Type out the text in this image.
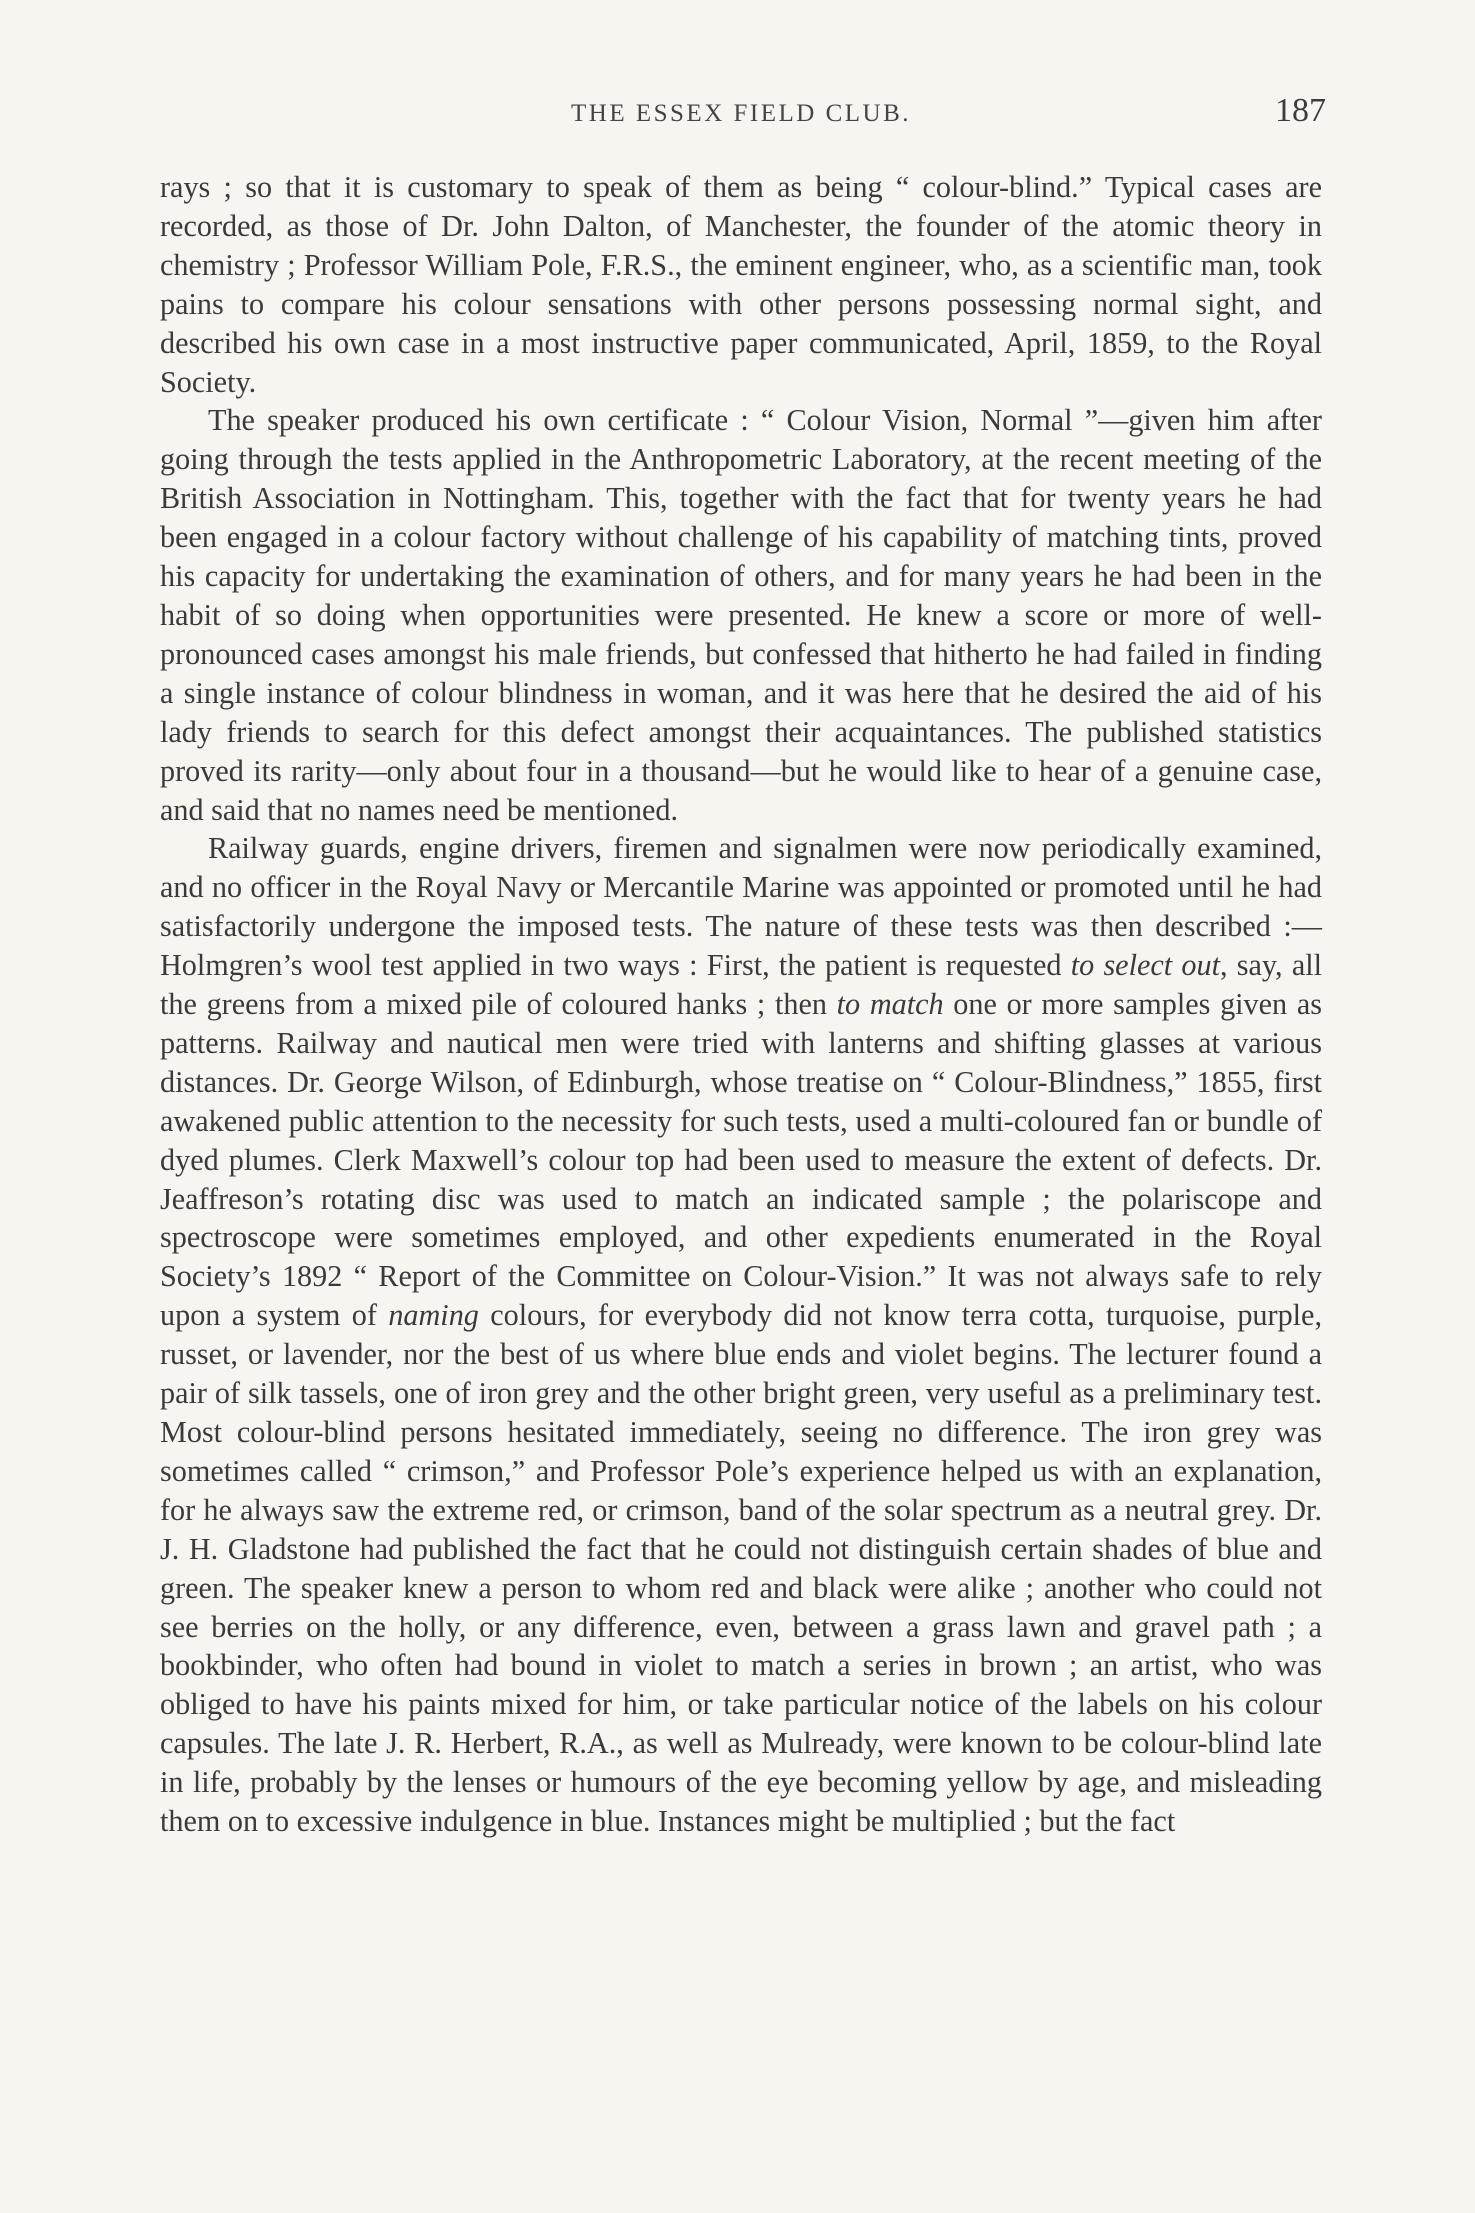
THE ESSEX FIELD CLUB.	187

rays ; so that it is customary to speak of them as being “ colour-blind.” Typical cases are recorded, as those of Dr. John Dalton, of Manchester, the founder of the atomic theory in chemistry ; Professor William Pole, F.R.S., the eminent engineer, who, as a scientific man, took pains to compare his colour sensations with other persons possessing normal sight, and described his own case in a most instructive paper communicated, April, 1859, to the Royal Society.

The speaker produced his own certificate : “ Colour Vision, Normal ”—given him after going through the tests applied in the Anthropometric Laboratory, at the recent meeting of the British Association in Nottingham. This, together with the fact that for twenty years he had been engaged in a colour factory without challenge of his capability of matching tints, proved his capacity for undertaking the examination of others, and for many years he had been in the habit of so doing when opportunities were presented. He knew a score or more of well-pronounced cases amongst his male friends, but confessed that hitherto he had failed in finding a single instance of colour blindness in woman, and it was here that he desired the aid of his lady friends to search for this defect amongst their acquaintances. The published statistics proved its rarity—only about four in a thousand—but he would like to hear of a genuine case, and said that no names need be mentioned.

Railway guards, engine drivers, firemen and signalmen were now periodically examined, and no officer in the Royal Navy or Mercantile Marine was appointed or promoted until he had satisfactorily undergone the imposed tests. The nature of these tests was then described :—Holmgren’s wool test applied in two ways : First, the patient is requested to select out, say, all the greens from a mixed pile of coloured hanks ; then to match one or more samples given as patterns. Railway and nautical men were tried with lanterns and shifting glasses at various distances. Dr. George Wilson, of Edinburgh, whose treatise on “ Colour-Blindness,” 1855, first awakened public attention to the necessity for such tests, used a multi-coloured fan or bundle of dyed plumes. Clerk Maxwell’s colour top had been used to measure the extent of defects. Dr. Jeaffreson’s rotating disc was used to match an indicated sample ; the polariscope and spectroscope were sometimes employed, and other expedients enumerated in the Royal Society’s 1892 “ Report of the Committee on Colour-Vision.” It was not always safe to rely upon a system of naming colours, for everybody did not know terra cotta, turquoise, purple, russet, or lavender, nor the best of us where blue ends and violet begins. The lecturer found a pair of silk tassels, one of iron grey and the other bright green, very useful as a preliminary test. Most colour-blind persons hesitated immediately, seeing no difference. The iron grey was sometimes called “ crimson,” and Professor Pole’s experience helped us with an explanation, for he always saw the extreme red, or crimson, band of the solar spectrum as a neutral grey. Dr. J. H. Gladstone had published the fact that he could not distinguish certain shades of blue and green. The speaker knew a person to whom red and black were alike ; another who could not see berries on the holly, or any difference, even, between a grass lawn and gravel path ; a bookbinder, who often had bound in violet to match a series in brown ; an artist, who was obliged to have his paints mixed for him, or take particular notice of the labels on his colour capsules. The late J. R. Herbert, R.A., as well as Mulready, were known to be colour-blind late in life, probably by the lenses or humours of the eye becoming yellow by age, and misleading them on to excessive indulgence in blue. Instances might be multiplied ; but the fact
